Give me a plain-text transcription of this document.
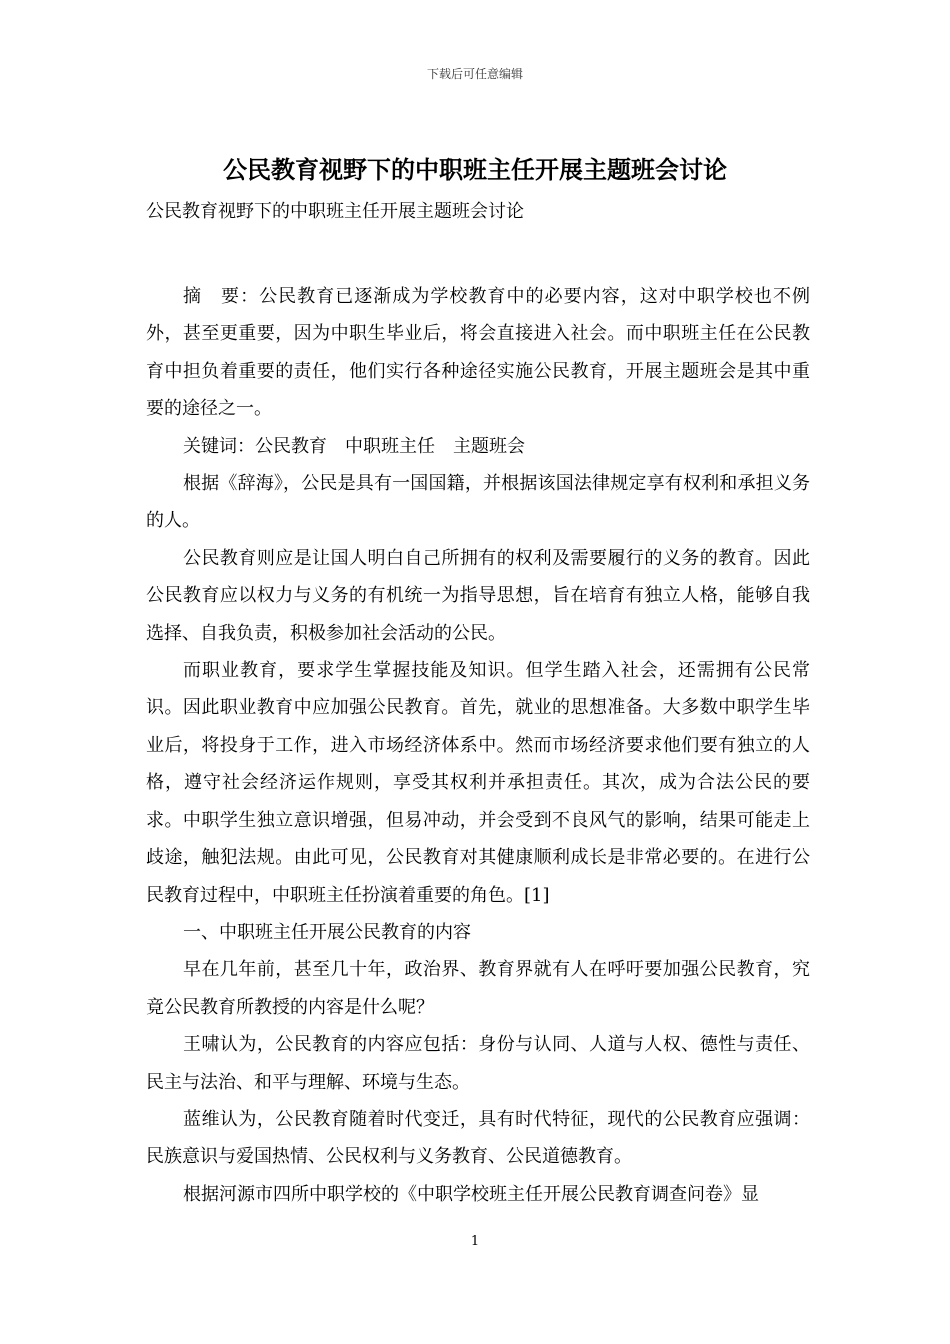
下载后可任意编辑
公民教育视野下的中职班主任开展主题班会讨论

公民教育视野下的中职班主任开展主题班会讨论

摘　要：公民教育已逐渐成为学校教育中的必要内容，这对中职学校也不例外，甚至更重要，因为中职生毕业后，将会直接进入社会。而中职班主任在公民教育中担负着重要的责任，他们实行各种途径实施公民教育，开展主题班会是其中重要的途径之一。

关键词：公民教育　中职班主任　主题班会

根据《辞海》，公民是具有一国国籍，并根据该国法律规定享有权利和承担义务的人。

公民教育则应是让国人明白自己所拥有的权利及需要履行的义务的教育。因此公民教育应以权力与义务的有机统一为指导思想，旨在培育有独立人格，能够自我选择、自我负责，积极参加社会活动的公民。

而职业教育，要求学生掌握技能及知识。但学生踏入社会，还需拥有公民常识。因此职业教育中应加强公民教育。首先，就业的思想准备。大多数中职学生毕业后，将投身于工作，进入市场经济体系中。然而市场经济要求他们要有独立的人格，遵守社会经济运作规则，享受其权利并承担责任。其次，成为合法公民的要求。中职学生独立意识增强，但易冲动，并会受到不良风气的影响，结果可能走上歧途，触犯法规。由此可见，公民教育对其健康顺利成长是非常必要的。在进行公民教育过程中，中职班主任扮演着重要的角色。[1]

一、中职班主任开展公民教育的内容

早在几年前，甚至几十年，政治界、教育界就有人在呼吁要加强公民教育，究竟公民教育所教授的内容是什么呢？

王啸认为，公民教育的内容应包括：身份与认同、人道与人权、德性与责任、民主与法治、和平与理解、环境与生态。

蓝维认为，公民教育随着时代变迁，具有时代特征，现代的公民教育应强调：民族意识与爱国热情、公民权利与义务教育、公民道德教育。

根据河源市四所中职学校的《中职学校班主任开展公民教育调查问卷》显

1
